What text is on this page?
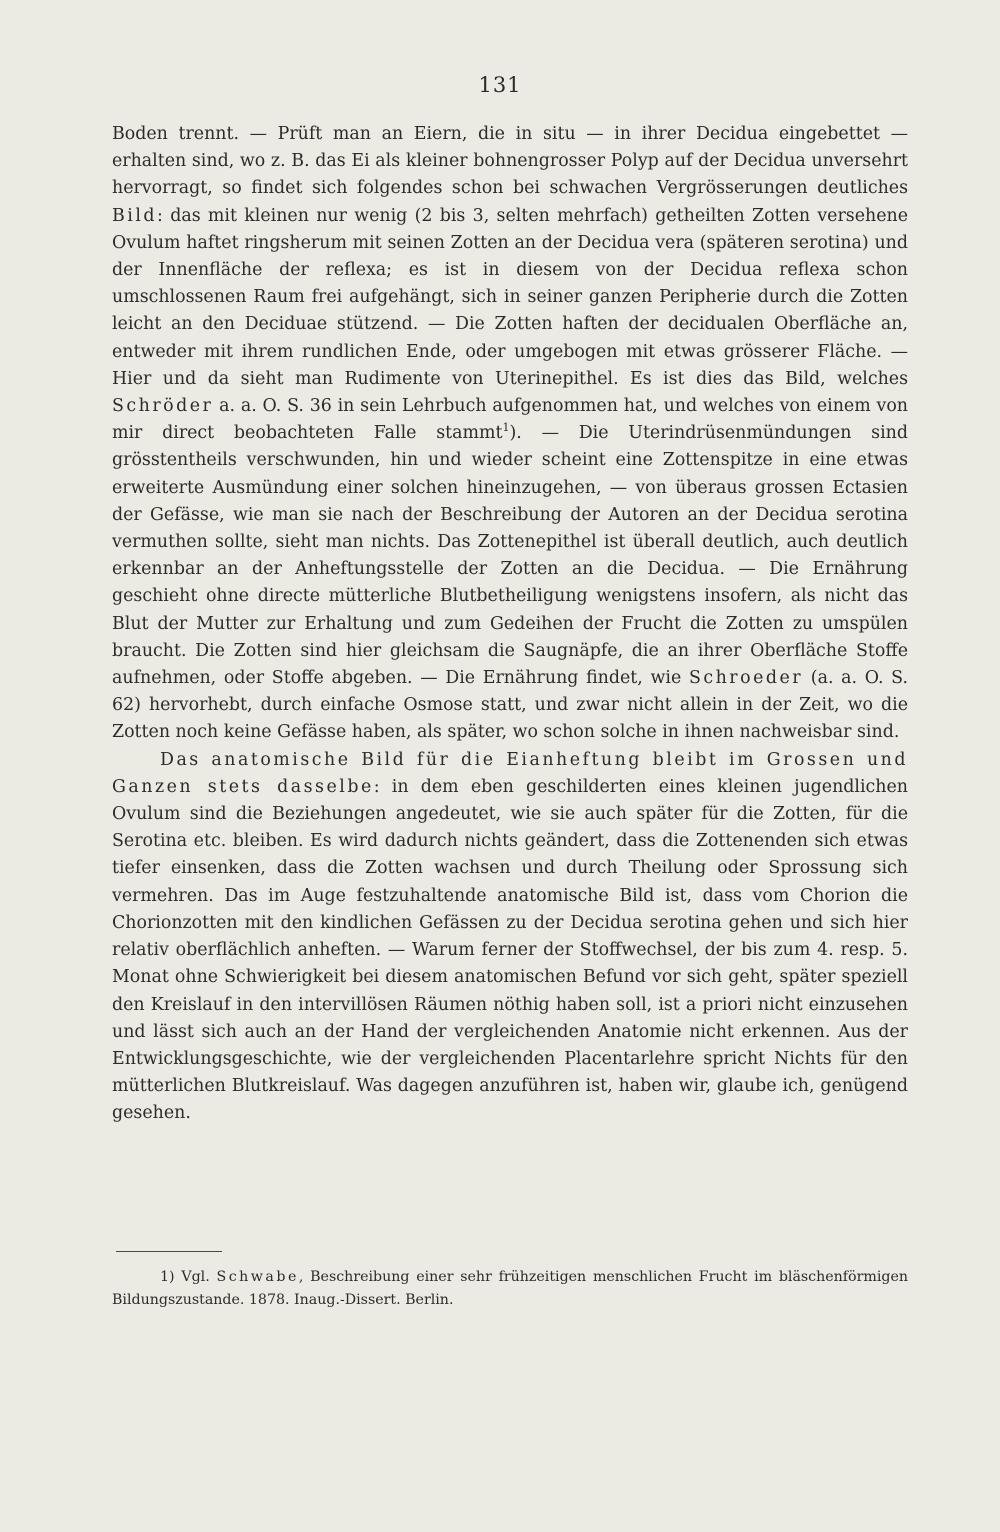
131

Boden trennt. — Prüft man an Eiern, die in situ — in ihrer Decidua eingebettet — erhalten sind, wo z. B. das Ei als kleiner bohnengrosser Polyp auf der Decidua unversehrt hervorragt, so findet sich folgendes schon bei schwachen Vergrösserungen deutliches Bild: das mit kleinen nur wenig (2 bis 3, selten mehrfach) getheilten Zotten versehene Ovulum haftet ringsherum mit seinen Zotten an der Decidua vera (späteren serotina) und der Innenfläche der reflexa; es ist in diesem von der Decidua reflexa schon umschlossenen Raum frei aufgehängt, sich in seiner ganzen Peripherie durch die Zotten leicht an den Deciduae stützend. — Die Zotten haften der decidualen Oberfläche an, entweder mit ihrem rundlichen Ende, oder umgebogen mit etwas grösserer Fläche. — Hier und da sieht man Rudimente von Uterinepithel. Es ist dies das Bild, welches Schröder a. a. O. S. 36 in sein Lehrbuch aufgenommen hat, und welches von einem von mir direct beobachteten Falle stammt$^1$). — Die Uterindrüsenmündungen sind grösstentheils verschwunden, hin und wieder scheint eine Zottenspitze in eine etwas erweiterte Ausmündung einer solchen hineinzugehen, — von überaus grossen Ectasien der Gefässe, wie man sie nach der Beschreibung der Autoren an der Decidua serotina vermuthen sollte, sieht man nichts. Das Zottenepithel ist überall deutlich, auch deutlich erkennbar an der Anheftungsstelle der Zotten an die Decidua. — Die Ernährung geschieht ohne directe mütterliche Blutbetheiligung wenigstens insofern, als nicht das Blut der Mutter zur Erhaltung und zum Gedeihen der Frucht die Zotten zu umspülen braucht. Die Zotten sind hier gleichsam die Saugnäpfe, die an ihrer Oberfläche Stoffe aufnehmen, oder Stoffe abgeben. — Die Ernährung findet, wie Schroeder (a. a. O. S. 62) hervorhebt, durch einfache Osmose statt, und zwar nicht allein in der Zeit, wo die Zotten noch keine Gefässe haben, als später, wo schon solche in ihnen nachweisbar sind.

Das anatomische Bild für die Eianheftung bleibt im Grossen und Ganzen stets dasselbe: in dem eben geschilderten eines kleinen jugendlichen Ovulum sind die Beziehungen angedeutet, wie sie auch später für die Zotten, für die Serotina etc. bleiben. Es wird dadurch nichts geändert, dass die Zottenenden sich etwas tiefer einsenken, dass die Zotten wachsen und durch Theilung oder Sprossung sich vermehren. Das im Auge festzuhaltende anatomische Bild ist, dass vom Chorion die Chorionzotten mit den kindlichen Gefässen zu der Decidua serotina gehen und sich hier relativ oberflächlich anheften. — Warum ferner der Stoffwechsel, der bis zum 4. resp. 5. Monat ohne Schwierigkeit bei diesem anatomischen Befund vor sich geht, später speziell den Kreislauf in den intervillösen Räumen nöthig haben soll, ist a priori nicht einzusehen und lässt sich auch an der Hand der vergleichenden Anatomie nicht erkennen. Aus der Entwicklungsgeschichte, wie der vergleichenden Placentarlehre spricht Nichts für den mütterlichen Blutkreislauf. Was dagegen anzuführen ist, haben wir, glaube ich, genügend gesehen.

1) Vgl. Schwabe, Beschreibung einer sehr frühzeitigen menschlichen Frucht im bläschenförmigen Bildungszustande. 1878. Inaug.-Dissert. Berlin.
